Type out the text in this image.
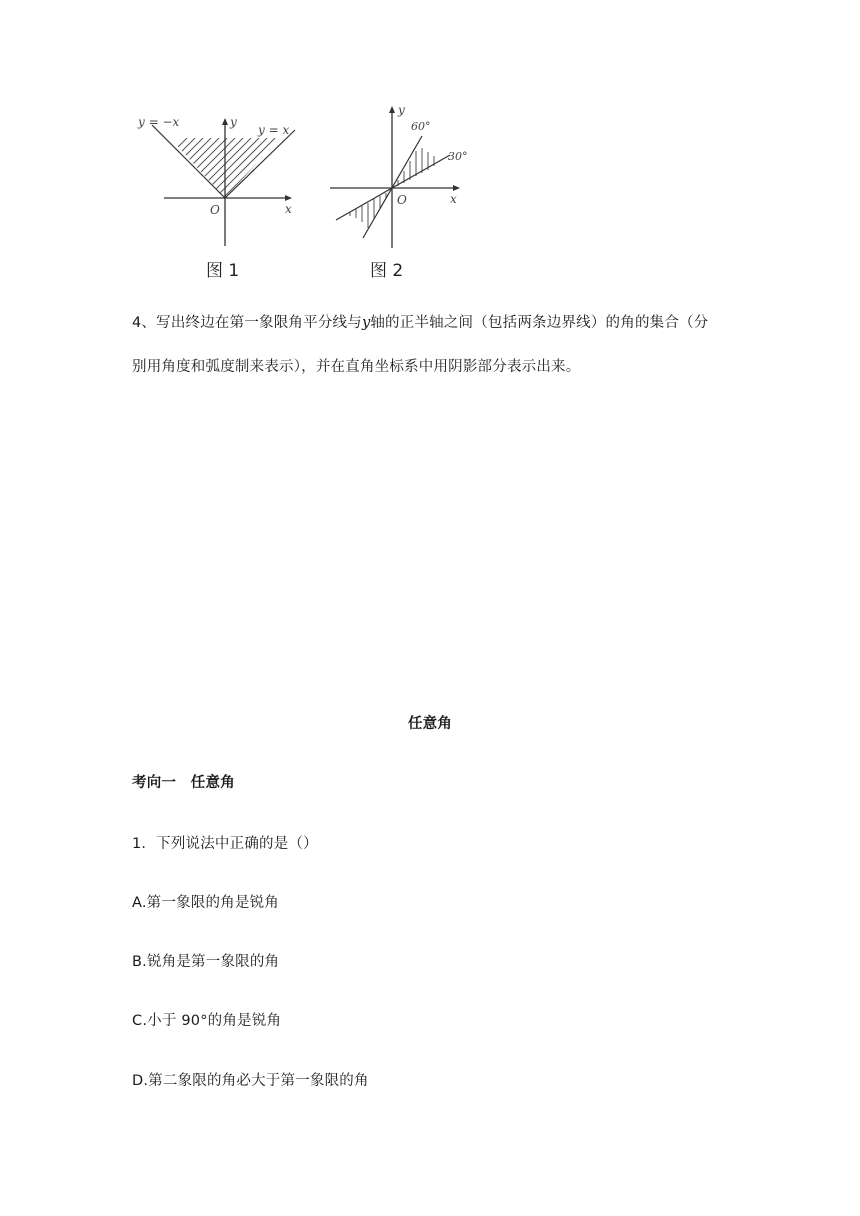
y = −x
y = x
y
x
O
图 1
60°
30°
y
x
O
图 2
4、写出终边在第一象限角平分线与y轴的正半轴之间（包括两条边界线）的角的集合（分
别用角度和弧度制来表示），并在直角坐标系中用阴影部分表示出来。
任意角
考向一　任意角
1．下列说法中正确的是（）
A.第一象限的角是锐角
B.锐角是第一象限的角
C.小于 90°的角是锐角
D.第二象限的角必大于第一象限的角
